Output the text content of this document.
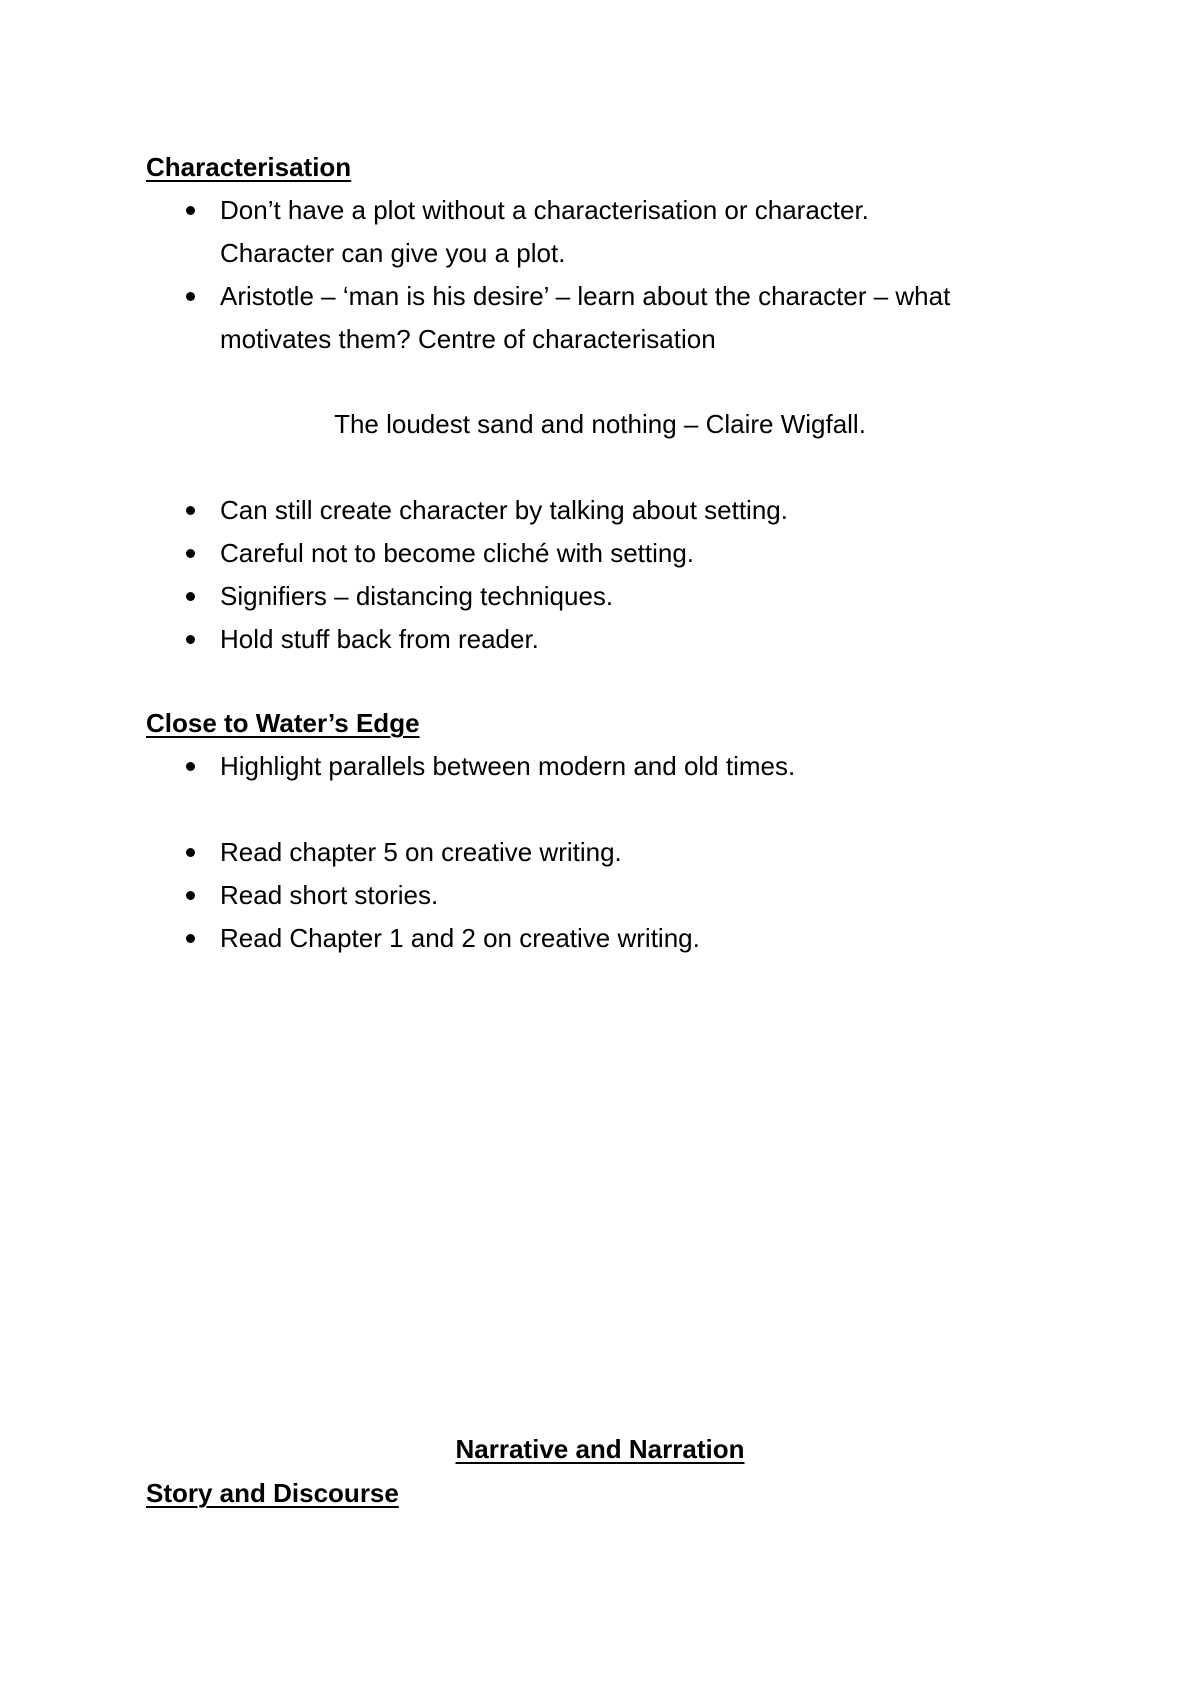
Characterisation
Don’t have a plot without a characterisation or character.
Character can give you a plot.
Aristotle – ‘man is his desire’ – learn about the character – what
motivates them? Centre of characterisation
The loudest sand and nothing – Claire Wigfall.
Can still create character by talking about setting.
Careful not to become cliché with setting.
Signifiers – distancing techniques.
Hold stuff back from reader.
Close to Water’s Edge
Highlight parallels between modern and old times.
Read chapter 5 on creative writing.
Read short stories.
Read Chapter 1 and 2 on creative writing.
Narrative and Narration
Story and Discourse
